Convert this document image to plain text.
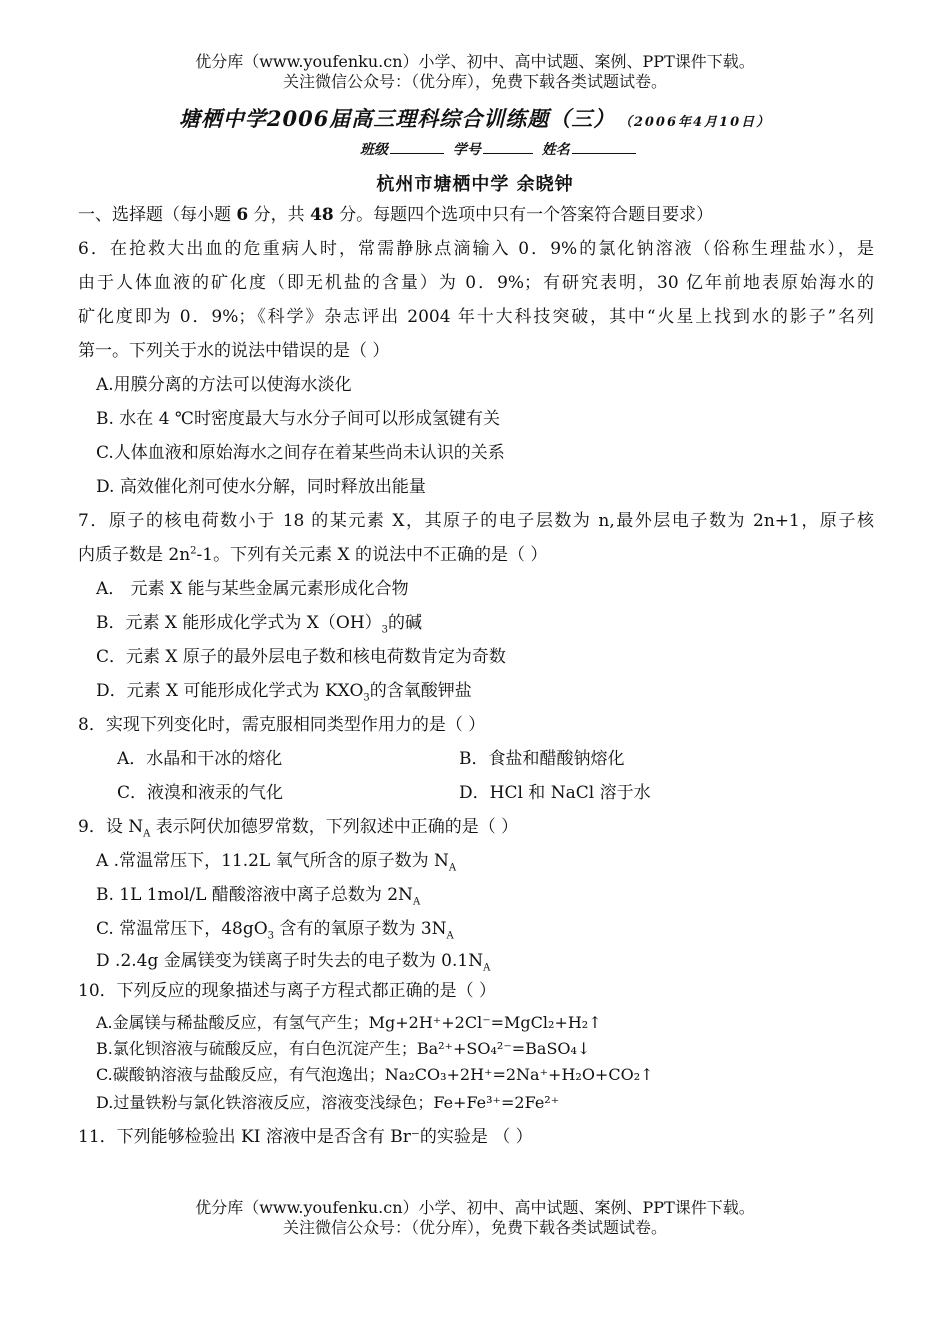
优分库（www.youfenku.cn）小学、初中、高中试题、案例、PPT课件下载。
关注微信公众号：（优分库），免费下载各类试题试卷。
塘栖中学2006届高三理科综合训练题（三） （2006年4月10日）
班级	学号	姓名
杭州市塘栖中学 余晓钟
一、选择题（每小题 6 分，共 48 分。每题四个选项中只有一个答案符合题目要求）
6．在抢救大出血的危重病人时，常需静脉点滴输入 0．9%的氯化钠溶液（俗称生理盐水），是
由于人体血液的矿化度（即无机盐的含量）为 0．9%；有研究表明，30 亿年前地表原始海水的
矿化度即为 0．9%；《科学》杂志评出 2004 年十大科技突破，其中“火星上找到水的影子”名列
第一。下列关于水的说法中错误的是（ ）
A.用膜分离的方法可以使海水淡化
B. 水在 4 ℃时密度最大与水分子间可以形成氢键有关
C.人体血液和原始海水之间存在着某些尚未认识的关系
D. 高效催化剂可使水分解，同时释放出能量
7．原子的核电荷数小于 18 的某元素 X，其原子的电子层数为 n,最外层电子数为 2n+1，原子核
内质子数是 $2n^2-1$。下列有关元素 X 的说法中不正确的是（ ）
A． 元素 X 能与某些金属元素形成化合物
B．元素 X 能形成化学式为 $X(OH)_3$的碱
C．元素 X 原子的最外层电子数和核电荷数肯定为奇数
D．元素 X 可能形成化学式为 $KXO_3$的含氧酸钾盐
8．实现下列变化时，需克服相同类型作用力的是（ ）
A．水晶和干冰的熔化	B．食盐和醋酸钠熔化
C．液溴和液汞的气化	D．HCl 和 NaCl 溶于水
9．设 $N_A$ 表示阿伏加德罗常数，下列叙述中正确的是（ ）
A .常温常压下，11.2L 氧气所含的原子数为 $N_A$
B. 1L 1mol/L 醋酸溶液中离子总数为 $2N_A$
C. 常温常压下，$48gO_3$ 含有的氧原子数为 $3N_A$
D .2.4g 金属镁变为镁离子时失去的电子数为 $0.1N_A$
10．下列反应的现象描述与离子方程式都正确的是（ ）
A.金属镁与稀盐酸反应，有氢气产生；Mg+2H⁺+2Cl⁻=MgCl₂+H₂↑
B.氯化钡溶液与硫酸反应，有白色沉淀产生；Ba²⁺+SO₄²⁻=BaSO₄↓
C.碳酸钠溶液与盐酸反应，有气泡逸出；Na₂CO₃+2H⁺=2Na⁺+H₂O+CO₂↑
D.过量铁粉与氯化铁溶液反应，溶液变浅绿色；Fe+Fe³⁺=2Fe²⁺
11．下列能够检验出 KI 溶液中是否含有 Br⁻的实验是 （ ）
优分库（www.youfenku.cn）小学、初中、高中试题、案例、PPT课件下载。
关注微信公众号：（优分库），免费下载各类试题试卷。
